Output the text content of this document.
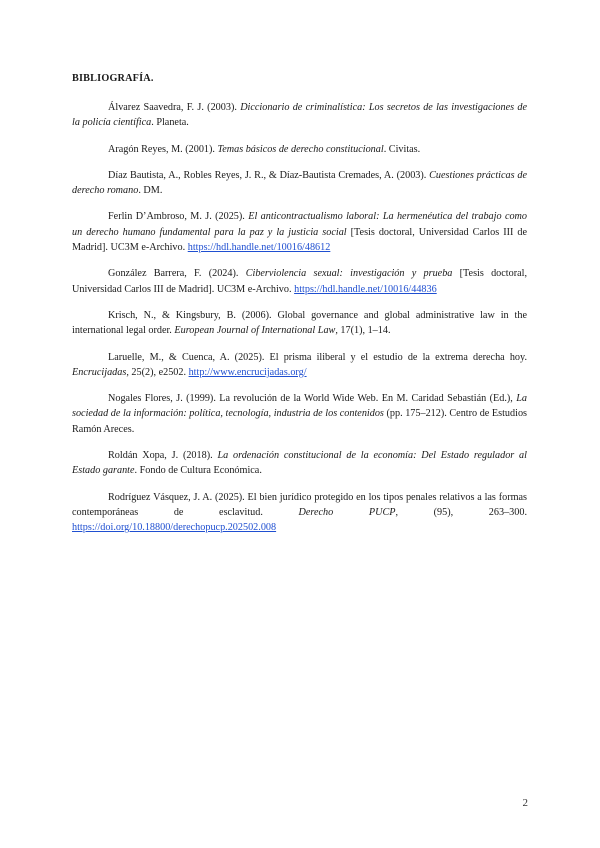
BIBLIOGRAFÍA.

Álvarez Saavedra, F. J. (2003). Diccionario de criminalística: Los secretos de las investigaciones de la policía científica. Planeta.

Aragón Reyes, M. (2001). Temas básicos de derecho constitucional. Civitas.

Díaz Bautista, A., Robles Reyes, J. R., & Díaz-Bautista Cremades, A. (2003). Cuestiones prácticas de derecho romano. DM.

Ferlin D’Ambroso, M. J. (2025). El anticontractualismo laboral: La hermenéutica del trabajo como un derecho humano fundamental para la paz y la justicia social [Tesis doctoral, Universidad Carlos III de Madrid]. UC3M e-Archivo. https://hdl.handle.net/10016/48612

González Barrera, F. (2024). Ciberviolencia sexual: investigación y prueba [Tesis doctoral, Universidad Carlos III de Madrid]. UC3M e-Archivo. https://hdl.handle.net/10016/44836

Krisch, N., & Kingsbury, B. (2006). Global governance and global administrative law in the international legal order. European Journal of International Law, 17(1), 1–14.

Laruelle, M., & Cuenca, A. (2025). El prisma iliberal y el estudio de la extrema derecha hoy. Encrucijadas, 25(2), e2502. http://www.encrucijadas.org/

Nogales Flores, J. (1999). La revolución de la World Wide Web. En M. Caridad Sebastián (Ed.), La sociedad de la información: política, tecnología, industria de los contenidos (pp. 175–212). Centro de Estudios Ramón Areces.

Roldán Xopa, J. (2018). La ordenación constitucional de la economía: Del Estado regulador al Estado garante. Fondo de Cultura Económica.

Rodríguez Vásquez, J. A. (2025). El bien jurídico protegido en los tipos penales relativos a las formas contemporáneas de esclavitud. Derecho PUCP, (95), 263–300. https://doi.org/10.18800/derechopucp.202502.008

2
